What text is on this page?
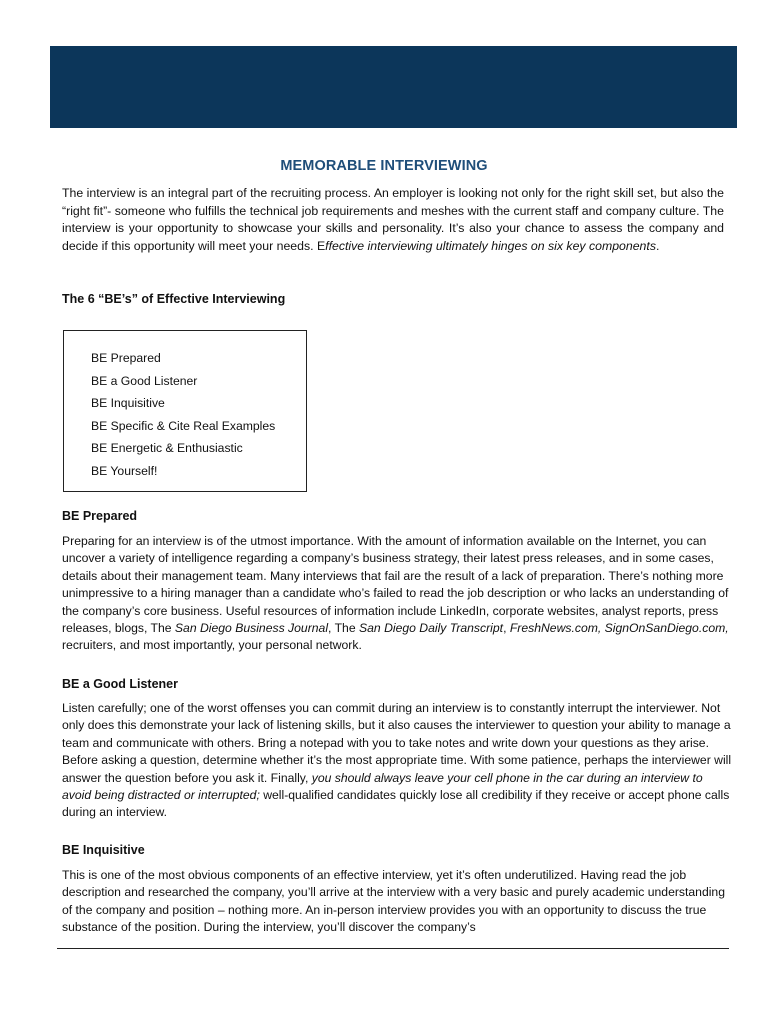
MEMORABLE INTERVIEWING

The interview is an integral part of the recruiting process. An employer is looking not only for the right skill set, but also the “right fit”- someone who fulfills the technical job requirements and meshes with the current staff and company culture. The interview is your opportunity to showcase your skills and personality. It’s also your chance to assess the company and decide if this opportunity will meet your needs. Effective interviewing ultimately hinges on six key components.

The 6 “BE’s” of Effective Interviewing
BE Prepared
BE a Good Listener
BE Inquisitive
BE Specific & Cite Real Examples
BE Energetic & Enthusiastic
BE Yourself!
BE Prepared

Preparing for an interview is of the utmost importance. With the amount of information available on the Internet, you can uncover a variety of intelligence regarding a company’s business strategy, their latest press releases, and in some cases, details about their management team. Many interviews that fail are the result of a lack of preparation. There’s nothing more unimpressive to a hiring manager than a candidate who’s failed to read the job description or who lacks an understanding of the company’s core business. Useful resources of information include LinkedIn, corporate websites, analyst reports, press releases, blogs, The San Diego Business Journal, The San Diego Daily Transcript, FreshNews.com, SignOnSanDiego.com, recruiters, and most importantly, your personal network.

BE a Good Listener

Listen carefully; one of the worst offenses you can commit during an interview is to constantly interrupt the interviewer. Not only does this demonstrate your lack of listening skills, but it also causes the interviewer to question your ability to manage a team and communicate with others. Bring a notepad with you to take notes and write down your questions as they arise. Before asking a question, determine whether it’s the most appropriate time. With some patience, perhaps the interviewer will answer the question before you ask it. Finally, you should always leave your cell phone in the car during an interview to avoid being distracted or interrupted; well-qualified candidates quickly lose all credibility if they receive or accept phone calls during an interview.

BE Inquisitive

This is one of the most obvious components of an effective interview, yet it’s often underutilized. Having read the job description and researched the company, you’ll arrive at the interview with a very basic and purely academic understanding of the company and position – nothing more. An in-person interview provides you with an opportunity to discuss the true substance of the position. During the interview, you’ll discover the company’s
